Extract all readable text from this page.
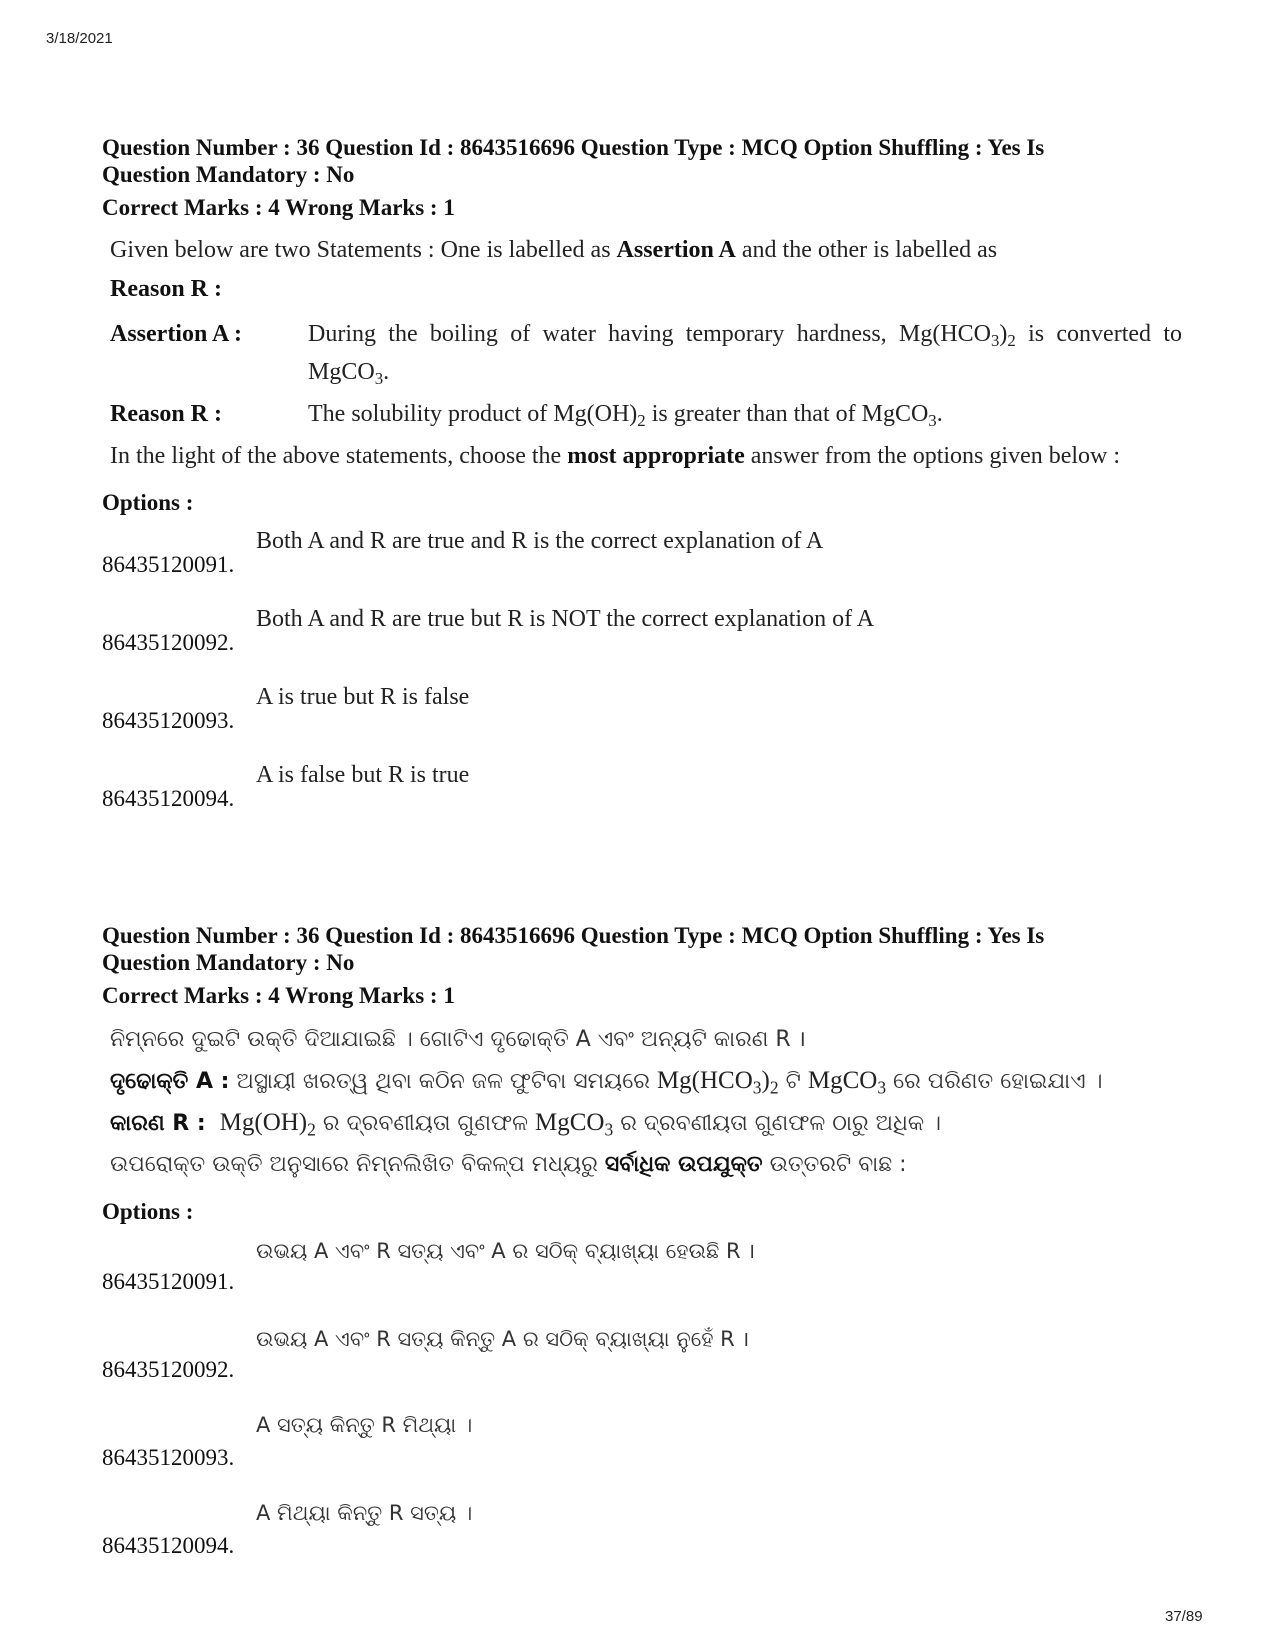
3/18/2021

Question Number : 36 Question Id : 8643516696 Question Type : MCQ Option Shuffling : Yes Is

Question Mandatory : No

Correct Marks : 4 Wrong Marks : 1

Given below are two Statements : One is labelled as Assertion A and the other is labelled as
Reason R :

Assertion A :	During the boiling of water having temporary hardness, $Mg(HCO_3)_2$ is converted to MgCO$_3$.
Reason R :	The solubility product of $Mg(OH)_2$ is greater than that of MgCO$_3$.

In the light of the above statements, choose the most appropriate answer from the options given below :

Options :
86435120091.
Both A and R are true and R is the correct explanation of A
86435120092.
Both A and R are true but R is NOT the correct explanation of A
86435120093.
A is true but R is false
86435120094.
A is false but R is true

Question Number : 36 Question Id : 8643516696 Question Type : MCQ Option Shuffling : Yes Is

Question Mandatory : No

Correct Marks : 4 Wrong Marks : 1

ନିମ୍ନରେ ଦୁଇଟି ଉକ୍ତି ଦିଆଯାଇଛି । ଗୋଟିଏ ଦୃଢୋକ୍ତି A ଏବଂ ଅନ୍ୟଟି କାରଣ R ।

ଦୃଢୋକ୍ତି A : ଅସ୍ଥାୟୀ ଖରତ୍ୱ ଥିବା କଠିନ ଜଳ ଫୁଟିବା ସମୟରେ $Mg(HCO_3)_2$ ଟି MgCO$_3$ ରେ ପରିଣତ ହୋଇଯାଏ ।

କାରଣ R : $Mg(OH)_2$ ର ଦ୍ରବଣୀୟତା ଗୁଣଫଳ MgCO$_3$ ର ଦ୍ରବଣୀୟତା ଗୁଣଫଳ ଠାରୁ ଅଧିକ ।

ଉପରୋକ୍ତ ଉକ୍ତି ଅନୁସାରେ ନିମ୍ନଲିଖିତ ବିକଳ୍ପ ମଧ୍ୟରୁ ସର୍ବାଧିକ ଉପଯୁକ୍ତ ଉତ୍ତରଟି ବାଛ :

Options :
86435120091.
ଉଭୟ A ଏବଂ R ସତ୍ୟ ଏବଂ A ର ସଠିକ୍ ବ୍ୟାଖ୍ୟା ହେଉଛି R ।
86435120092.
ଉଭୟ A ଏବଂ R ସତ୍ୟ କିନ୍ତୁ A ର ସଠିକ୍ ବ୍ୟାଖ୍ୟା ନୁହେଁ R ।
86435120093.
A ସତ୍ୟ କିନ୍ତୁ R ମିଥ୍ୟା ।
86435120094.
A ମିଥ୍ୟା କିନ୍ତୁ R ସତ୍ୟ ।
37/89
